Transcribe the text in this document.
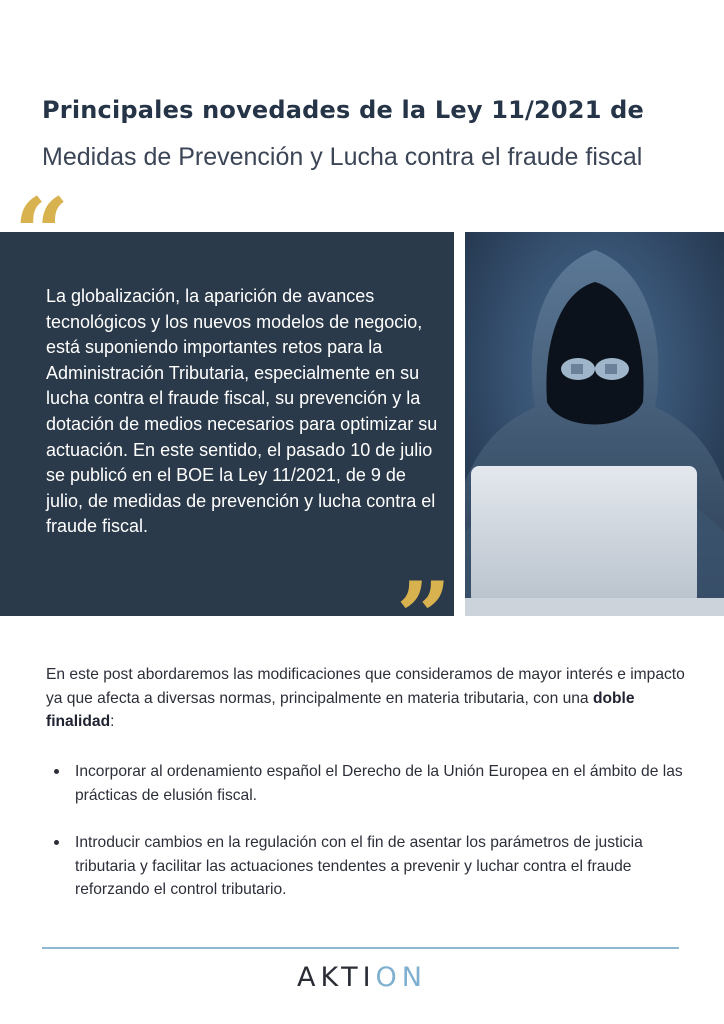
Principales novedades de la Ley 11/2021 de
Medidas de Prevención y Lucha contra el fraude fiscal
La globalización, la aparición de avances tecnológicos y los nuevos modelos de negocio, está suponiendo importantes retos para la Administración Tributaria, especialmente en su lucha contra el fraude fiscal, su prevención y la dotación de medios necesarios para optimizar su actuación. En este sentido, el pasado 10 de julio se publicó en el BOE la Ley 11/2021, de 9 de julio, de medidas de prevención y lucha contra el fraude fiscal.
“
”
En este post abordaremos las modificaciones que consideramos de mayor interés e impacto ya que afecta a diversas normas, principalmente en materia tributaria, con una doble finalidad:
Incorporar al ordenamiento español el Derecho de la Unión Europea en el ámbito de las prácticas de elusión fiscal.
Introducir cambios en la regulación con el fin de asentar los parámetros de justicia tributaria y facilitar las actuaciones tendentes a prevenir y luchar contra el fraude reforzando el control tributario.
AKTION
